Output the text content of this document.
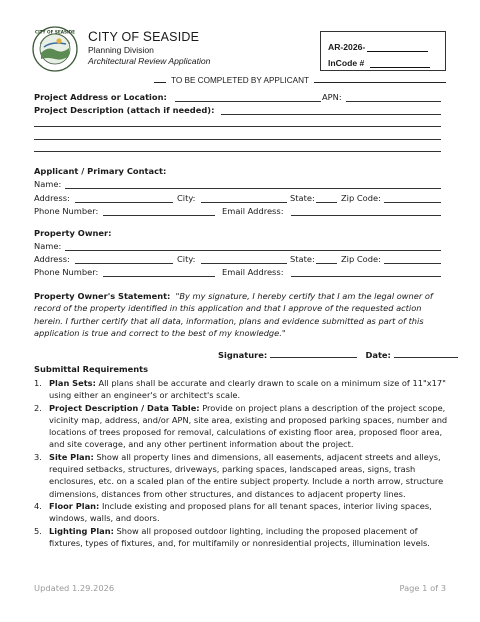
CITY OF SEASIDE CITY OF SEASIDE
Planning Division
Architectural Review Application
AR-2026-
InCode #
TO BE COMPLETED BY APPLICANT
Project Address or Location:	APN:
Project Description (attach if needed):
Applicant / Primary Contact:
Name:
Address:	City:	State:	Zip Code:
Phone Number:	Email Address:
Property Owner:
Name:
Address:	City:	State:	Zip Code:
Phone Number:	Email Address:
Property Owner's Statement: "By my signature, I hereby certify that I am the legal owner of record of the property identified in this application and that I approve of the requested action herein. I further certify that all data, information, plans and evidence submitted as part of this application is true and correct to the best of my knowledge."
Signature:	Date:
Submittal Requirements
1. Plan Sets: All plans shall be accurate and clearly drawn to scale on a minimum size of 11"x17" using either an engineer's or architect's scale.
2. Project Description / Data Table: Provide on project plans a description of the project scope, vicinity map, address, and/or APN, site area, existing and proposed parking spaces, number and locations of trees proposed for removal, calculations of existing floor area, proposed floor area, and site coverage, and any other pertinent information about the project.
3. Site Plan: Show all property lines and dimensions, all easements, adjacent streets and alleys, required setbacks, structures, driveways, parking spaces, landscaped areas, signs, trash enclosures, etc. on a scaled plan of the entire subject property. Include a north arrow, structure dimensions, distances from other structures, and distances to adjacent property lines.
4. Floor Plan: Include existing and proposed plans for all tenant spaces, interior living spaces, windows, walls, and doors.
5. Lighting Plan: Show all proposed outdoor lighting, including the proposed placement of fixtures, types of fixtures, and, for multifamily or nonresidential projects, illumination levels.
Updated 1.29.2026	Page 1 of 3
